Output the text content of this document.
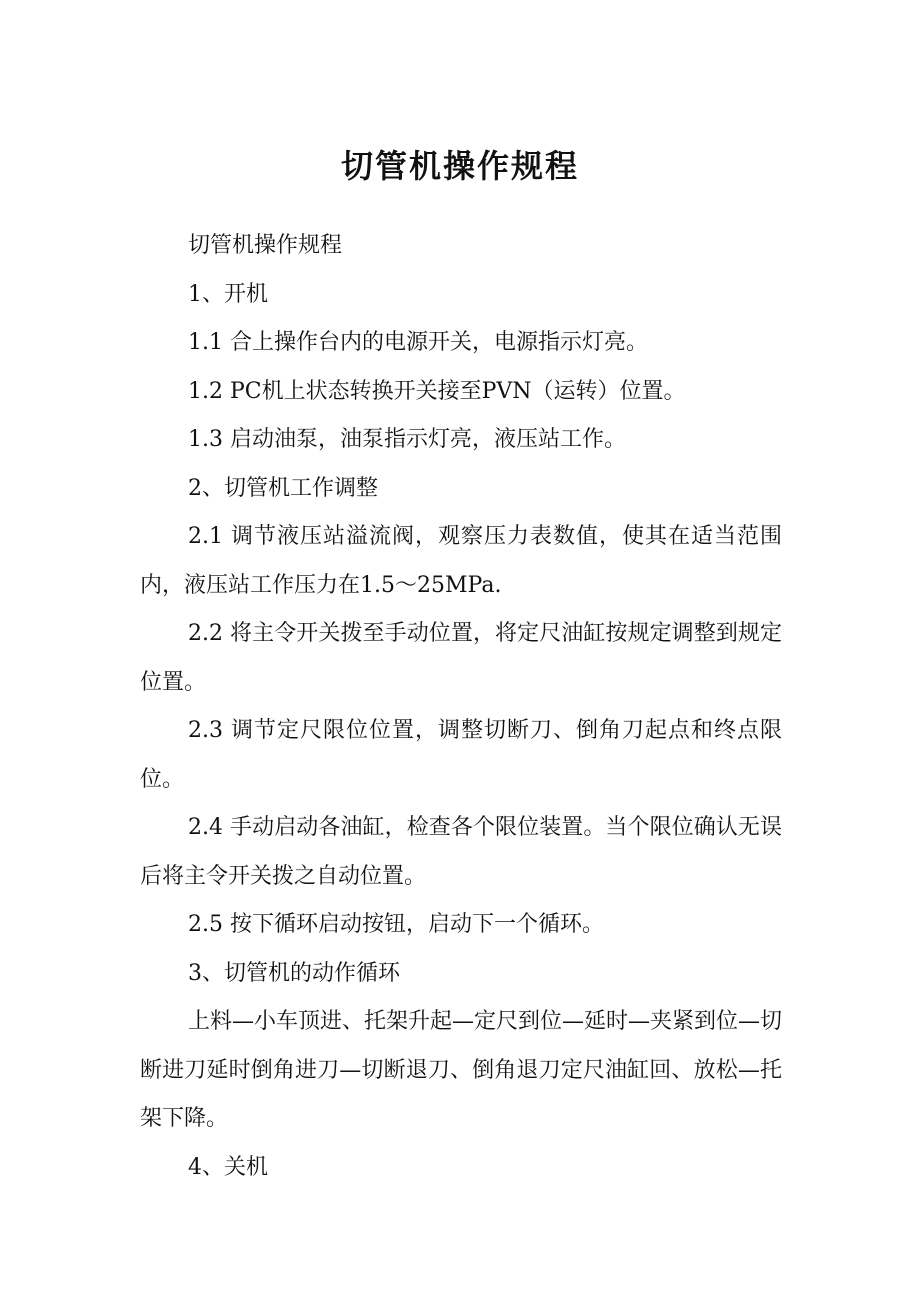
切管机操作规程

切管机操作规程

1、开机

1.1 合上操作台内的电源开关，电源指示灯亮。

1.2 PC机上状态转换开关接至PVN（运转）位置。

1.3 启动油泵，油泵指示灯亮，液压站工作。

2、切管机工作调整

2.1 调节液压站溢流阀，观察压力表数值，使其在适当范围内，液压站工作压力在1.5～25MPa.

2.2 将主令开关拨至手动位置，将定尺油缸按规定调整到规定位置。

2.3 调节定尺限位位置，调整切断刀、倒角刀起点和终点限位。

2.4 手动启动各油缸，检查各个限位装置。当个限位确认无误后将主令开关拨之自动位置。

2.5 按下循环启动按钮，启动下一个循环。

3、切管机的动作循环

上料—小车顶进、托架升起—定尺到位—延时—夹紧到位—切断进刀延时倒角进刀—切断退刀、倒角退刀定尺油缸回、放松—托架下降。

4、关机
